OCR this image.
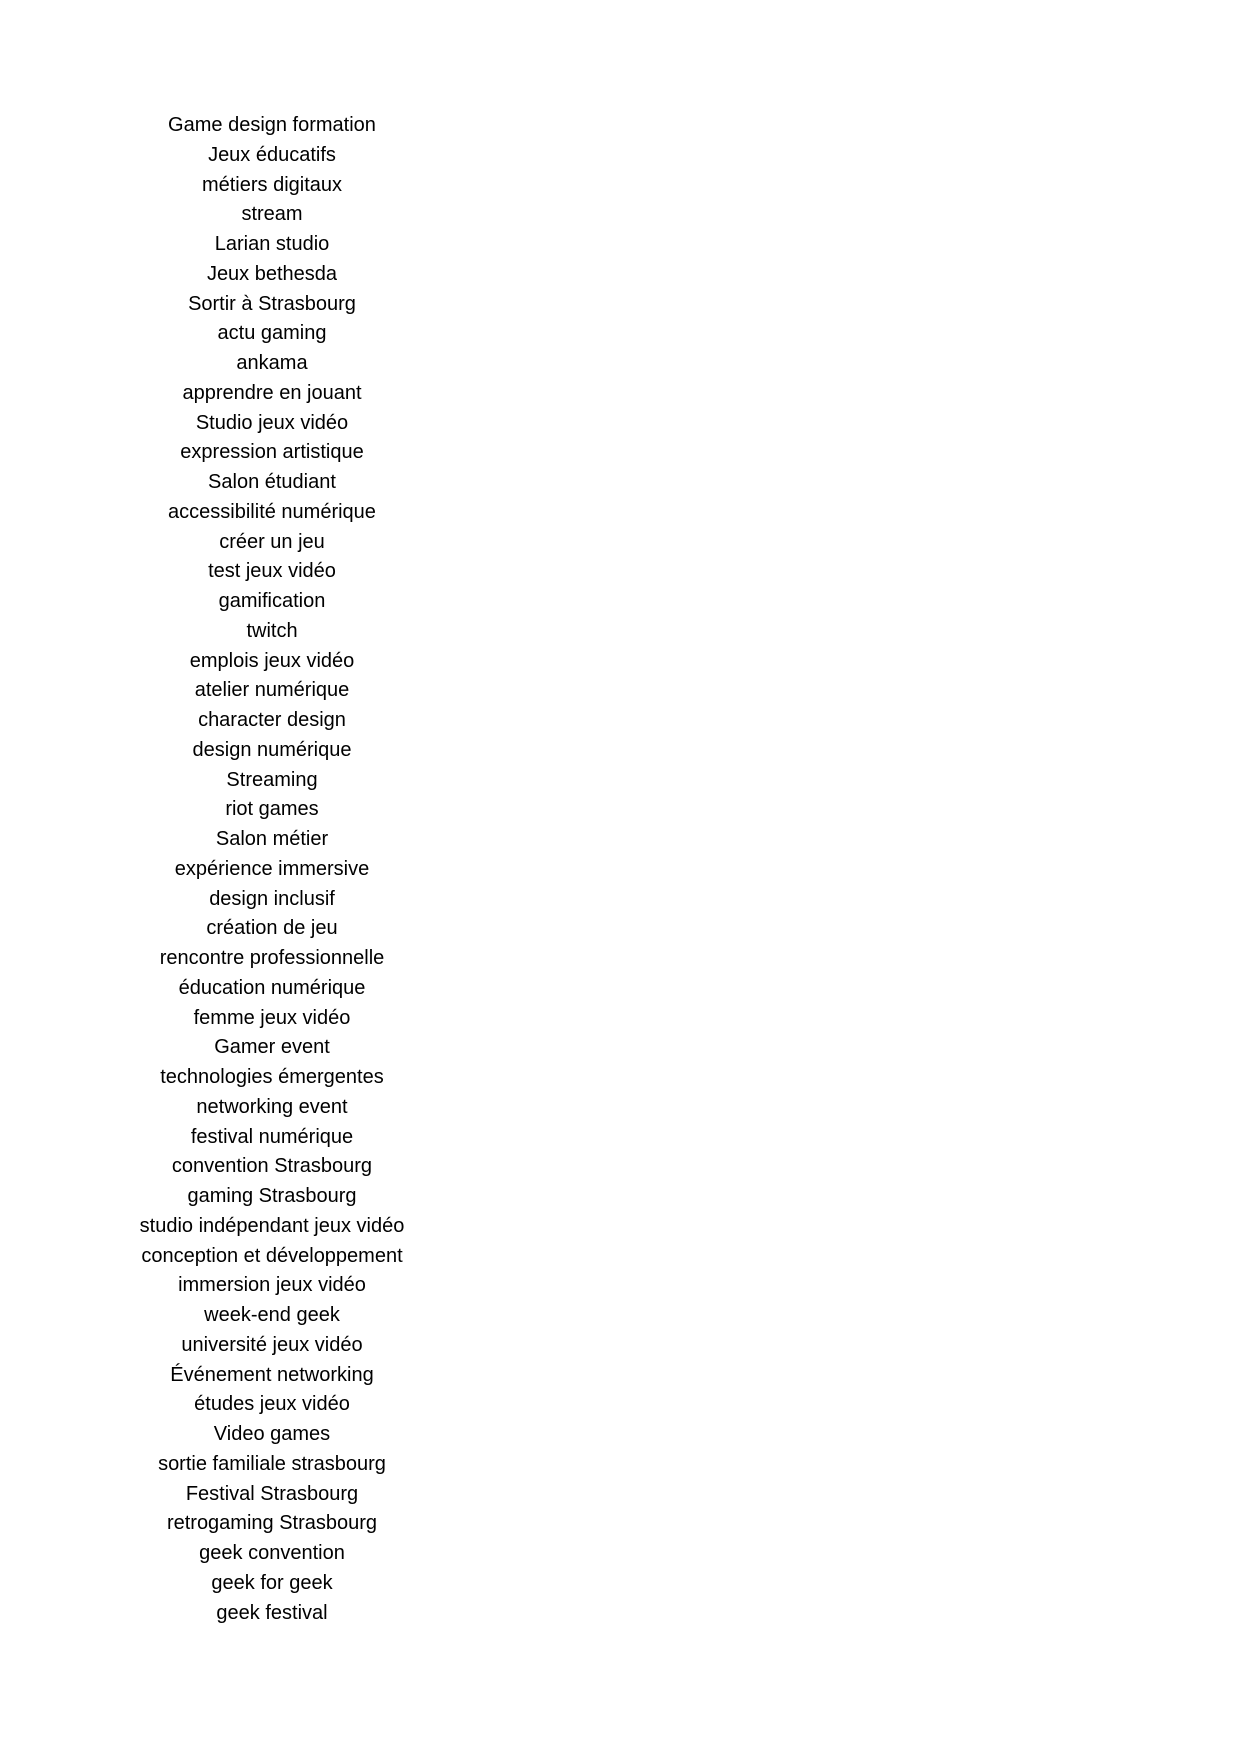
Game design formation
Jeux éducatifs
métiers digitaux
stream
Larian studio
Jeux bethesda
Sortir à Strasbourg
actu gaming
ankama
apprendre en jouant
Studio jeux vidéo
expression artistique
Salon étudiant
accessibilité numérique
créer un jeu
test jeux vidéo
gamification
twitch
emplois jeux vidéo
atelier numérique
character design
design numérique
Streaming
riot games
Salon métier
expérience immersive
design inclusif
création de jeu
rencontre professionnelle
éducation numérique
femme jeux vidéo
Gamer event
technologies émergentes
networking event
festival numérique
convention Strasbourg
gaming Strasbourg
studio indépendant jeux vidéo
conception et développement
immersion jeux vidéo
week-end geek
université jeux vidéo
Événement networking
études jeux vidéo
Video games
sortie familiale strasbourg
Festival Strasbourg
retrogaming Strasbourg
geek convention
geek for geek
geek festival
